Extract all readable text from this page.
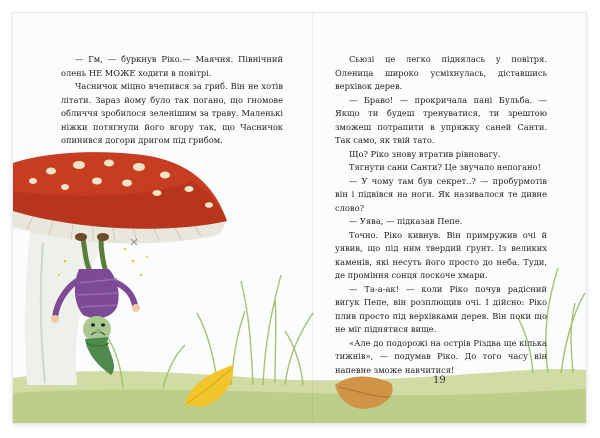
— Гм, — буркнув Ріко.— Маячня. Північний олень НЕ МОЖЕ ходити в повітрі.

Часничок міцно вчепився за гриб. Він не хотів літати. Зараз йому було так погано, що гномове обличчя зробилося зеленішим за траву. Маленькі ніжки потягнули його вгору так, що Часничок опинився догори дригом під грибом.

Сьюзі це легко піднялась у повітря. Оленица широко усміхнулась, діставшись верхівок дерев.

— Браво! — прокричала пані Бульба. — Якщо ти будеш тренуватися, ти зрештою зможеш потрапити в упряжку саней Санти. Так само, як твій тато.

Що? Ріко знову втратив рівновагу.

Тягнути сани Санти? Це звучало непогано!

— У чому там був секрет..? — пробурмотів він і підвівся на ноги. Як називалося те дивне слово?

— Уява, — підказав Пепе.

Точно. Ріко кивнув. Він примружив очі й уявив, що під ним твердий ґрунт. Із великих каменів, які несуть його просто до неба. Туди, де проміння сонця лоскоче хмари.

— Та-а-ак! — коли Ріко почув радісний вигук Пепе, він розплющив очі. І дійсно: Ріко плив просто під верхівками дерев. Він поки що не міг піднятися вище.

«Але до подорожі на острів Різдва ще кілька тижнів», — подумав Ріко. До того часу він напевне зможе навчитися!

19
